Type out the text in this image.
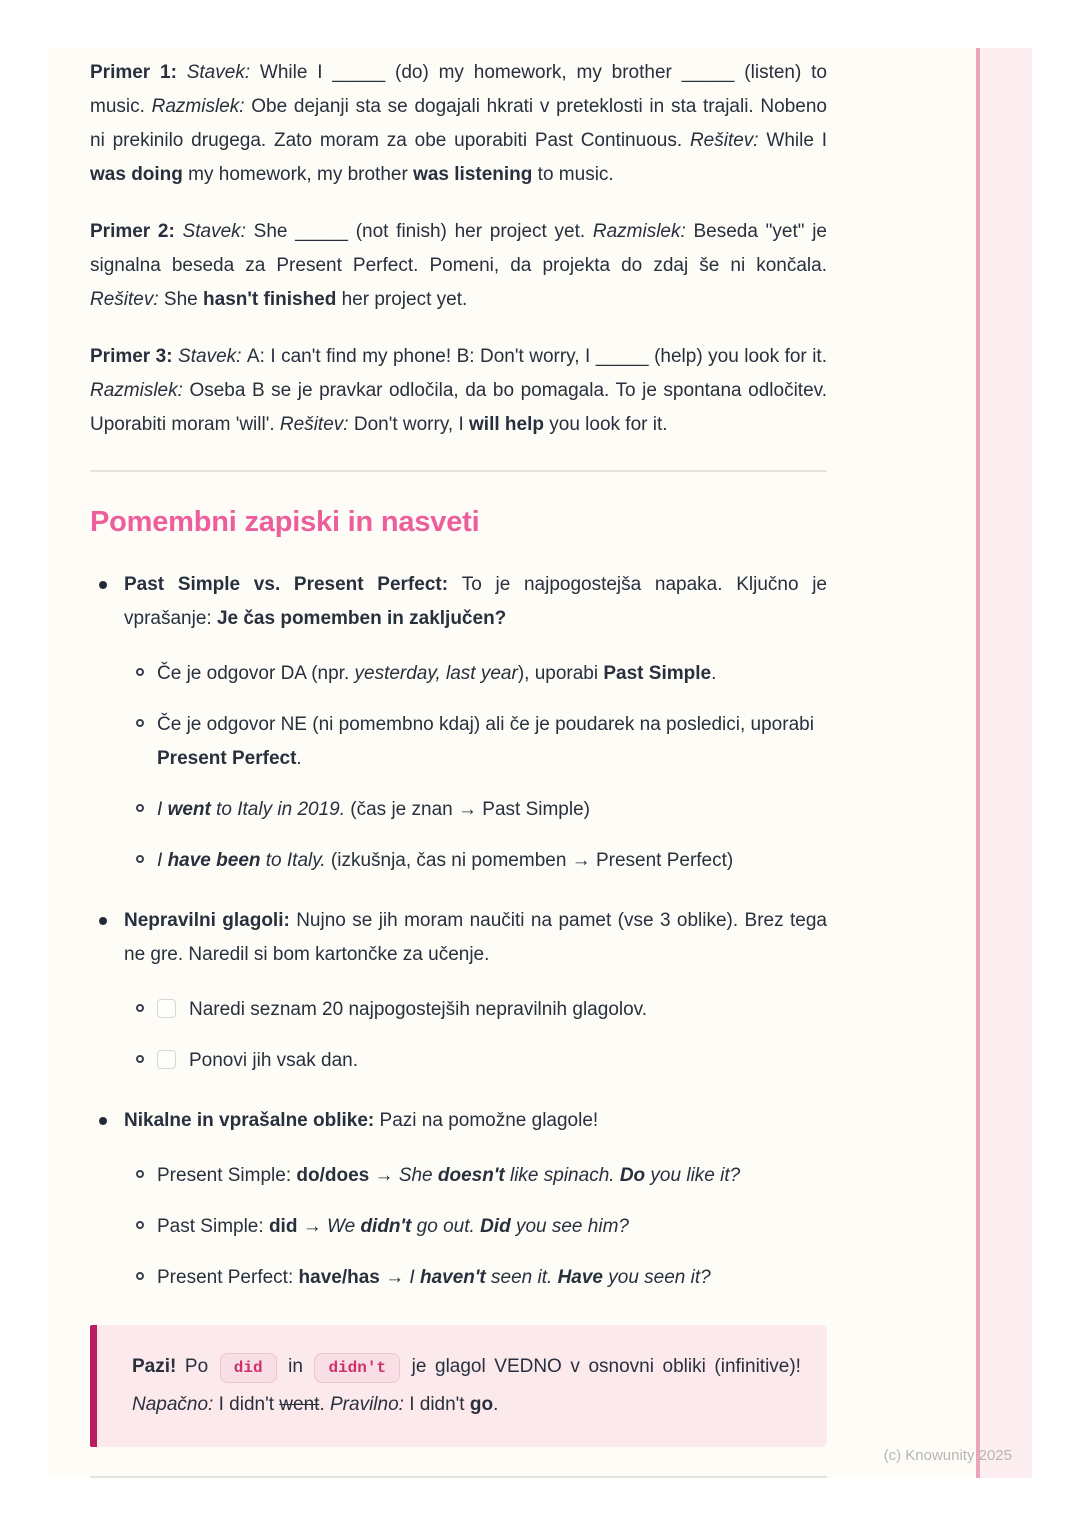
Primer 1: Stavek: While I _____ (do) my homework, my brother _____ (listen) to music. Razmislek: Obe dejanji sta se dogajali hkrati v preteklosti in sta trajali. Nobeno ni prekinilo drugega. Zato moram za obe uporabiti Past Continuous. Rešitev: While I was doing my homework, my brother was listening to music.

Primer 2: Stavek: She _____ (not finish) her project yet. Razmislek: Beseda "yet" je signalna beseda za Present Perfect. Pomeni, da projekta do zdaj še ni končala. Rešitev: She hasn't finished her project yet.

Primer 3: Stavek: A: I can't find my phone! B: Don't worry, I _____ (help) you look for it. Razmislek: Oseba B se je pravkar odločila, da bo pomagala. To je spontana odločitev. Uporabiti moram 'will'. Rešitev: Don't worry, I will help you look for it.

Pomembni zapiski in nasveti
Past Simple vs. Present Perfect: To je najpogostejša napaka. Ključno je vprašanje: Je čas pomemben in zaključen?
Če je odgovor DA (npr. yesterday, last year), uporabi Past Simple.
Če je odgovor NE (ni pomembno kdaj) ali če je poudarek na posledici, uporabi Present Perfect.
I went to Italy in 2019. (čas je znan → Past Simple)
I have been to Italy. (izkušnja, čas ni pomemben → Present Perfect)
Nepravilni glagoli: Nujno se jih moram naučiti na pamet (vse 3 oblike). Brez tega ne gre. Naredil si bom kartončke za učenje.
Naredi seznam 20 najpogostejših nepravilnih glagolov.
Ponovi jih vsak dan.
Nikalne in vprašalne oblike: Pazi na pomožne glagole!
Present Simple: do/does → She doesn't like spinach. Do you like it?
Past Simple: did → We didn't go out. Did you see him?
Present Perfect: have/has → I haven't seen it. Have you seen it?
Pazi! Po did in didn't je glagol VEDNO v osnovni obliki (infinitive)! Napačno: I didn't went. Pravilno: I didn't go.
(c) Knowunity 2025
